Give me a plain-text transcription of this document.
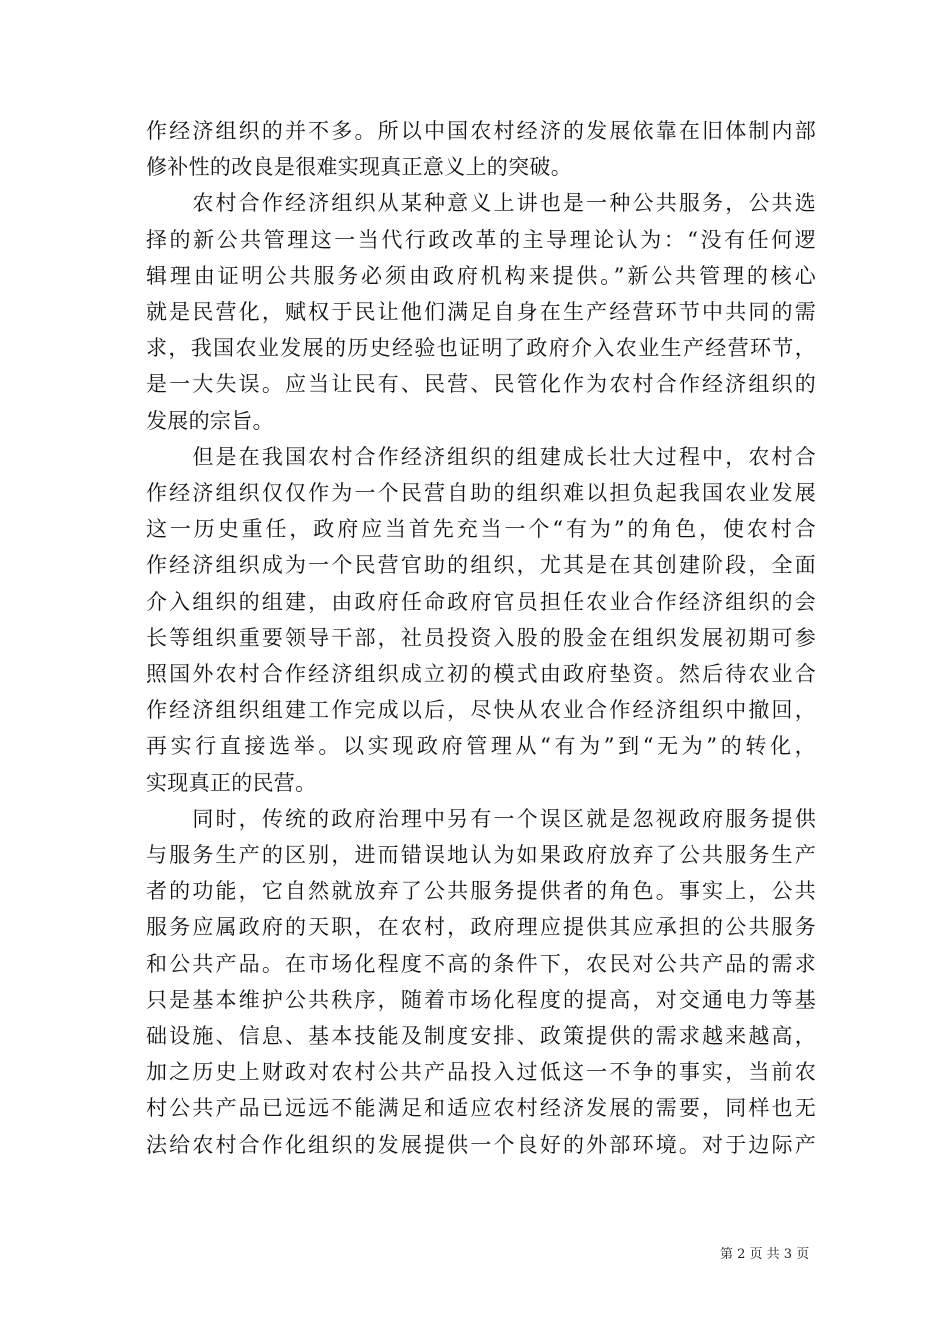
作经济组织的并不多。所以中国农村经济的发展依靠在旧体制内部
修补性的改良是很难实现真正意义上的突破。
　　农村合作经济组织从某种意义上讲也是一种公共服务，公共选
择的新公共管理这一当代行政改革的主导理论认为：“没有任何逻
辑理由证明公共服务必须由政府机构来提供。”新公共管理的核心
就是民营化，赋权于民让他们满足自身在生产经营环节中共同的需
求，我国农业发展的历史经验也证明了政府介入农业生产经营环节，
是一大失误。应当让民有、民营、民管化作为农村合作经济组织的
发展的宗旨。
　　但是在我国农村合作经济组织的组建成长壮大过程中，农村合
作经济组织仅仅作为一个民营自助的组织难以担负起我国农业发展
这一历史重任，政府应当首先充当一个“有为”的角色，使农村合
作经济组织成为一个民营官助的组织，尤其是在其创建阶段，全面
介入组织的组建，由政府任命政府官员担任农业合作经济组织的会
长等组织重要领导干部，社员投资入股的股金在组织发展初期可参
照国外农村合作经济组织成立初的模式由政府垫资。然后待农业合
作经济组织组建工作完成以后，尽快从农业合作经济组织中撤回，
再实行直接选举。以实现政府管理从“有为”到“无为”的转化，
实现真正的民营。
　　同时，传统的政府治理中另有一个误区就是忽视政府服务提供
与服务生产的区别，进而错误地认为如果政府放弃了公共服务生产
者的功能，它自然就放弃了公共服务提供者的角色。事实上，公共
服务应属政府的天职，在农村，政府理应提供其应承担的公共服务
和公共产品。在市场化程度不高的条件下，农民对公共产品的需求
只是基本维护公共秩序，随着市场化程度的提高，对交通电力等基
础设施、信息、基本技能及制度安排、政策提供的需求越来越高，
加之历史上财政对农村公共产品投入过低这一不争的事实，当前农
村公共产品已远远不能满足和适应农村经济发展的需要，同样也无
法给农村合作化组织的发展提供一个良好的外部环境。对于边际产
第 2 页 共 3 页
